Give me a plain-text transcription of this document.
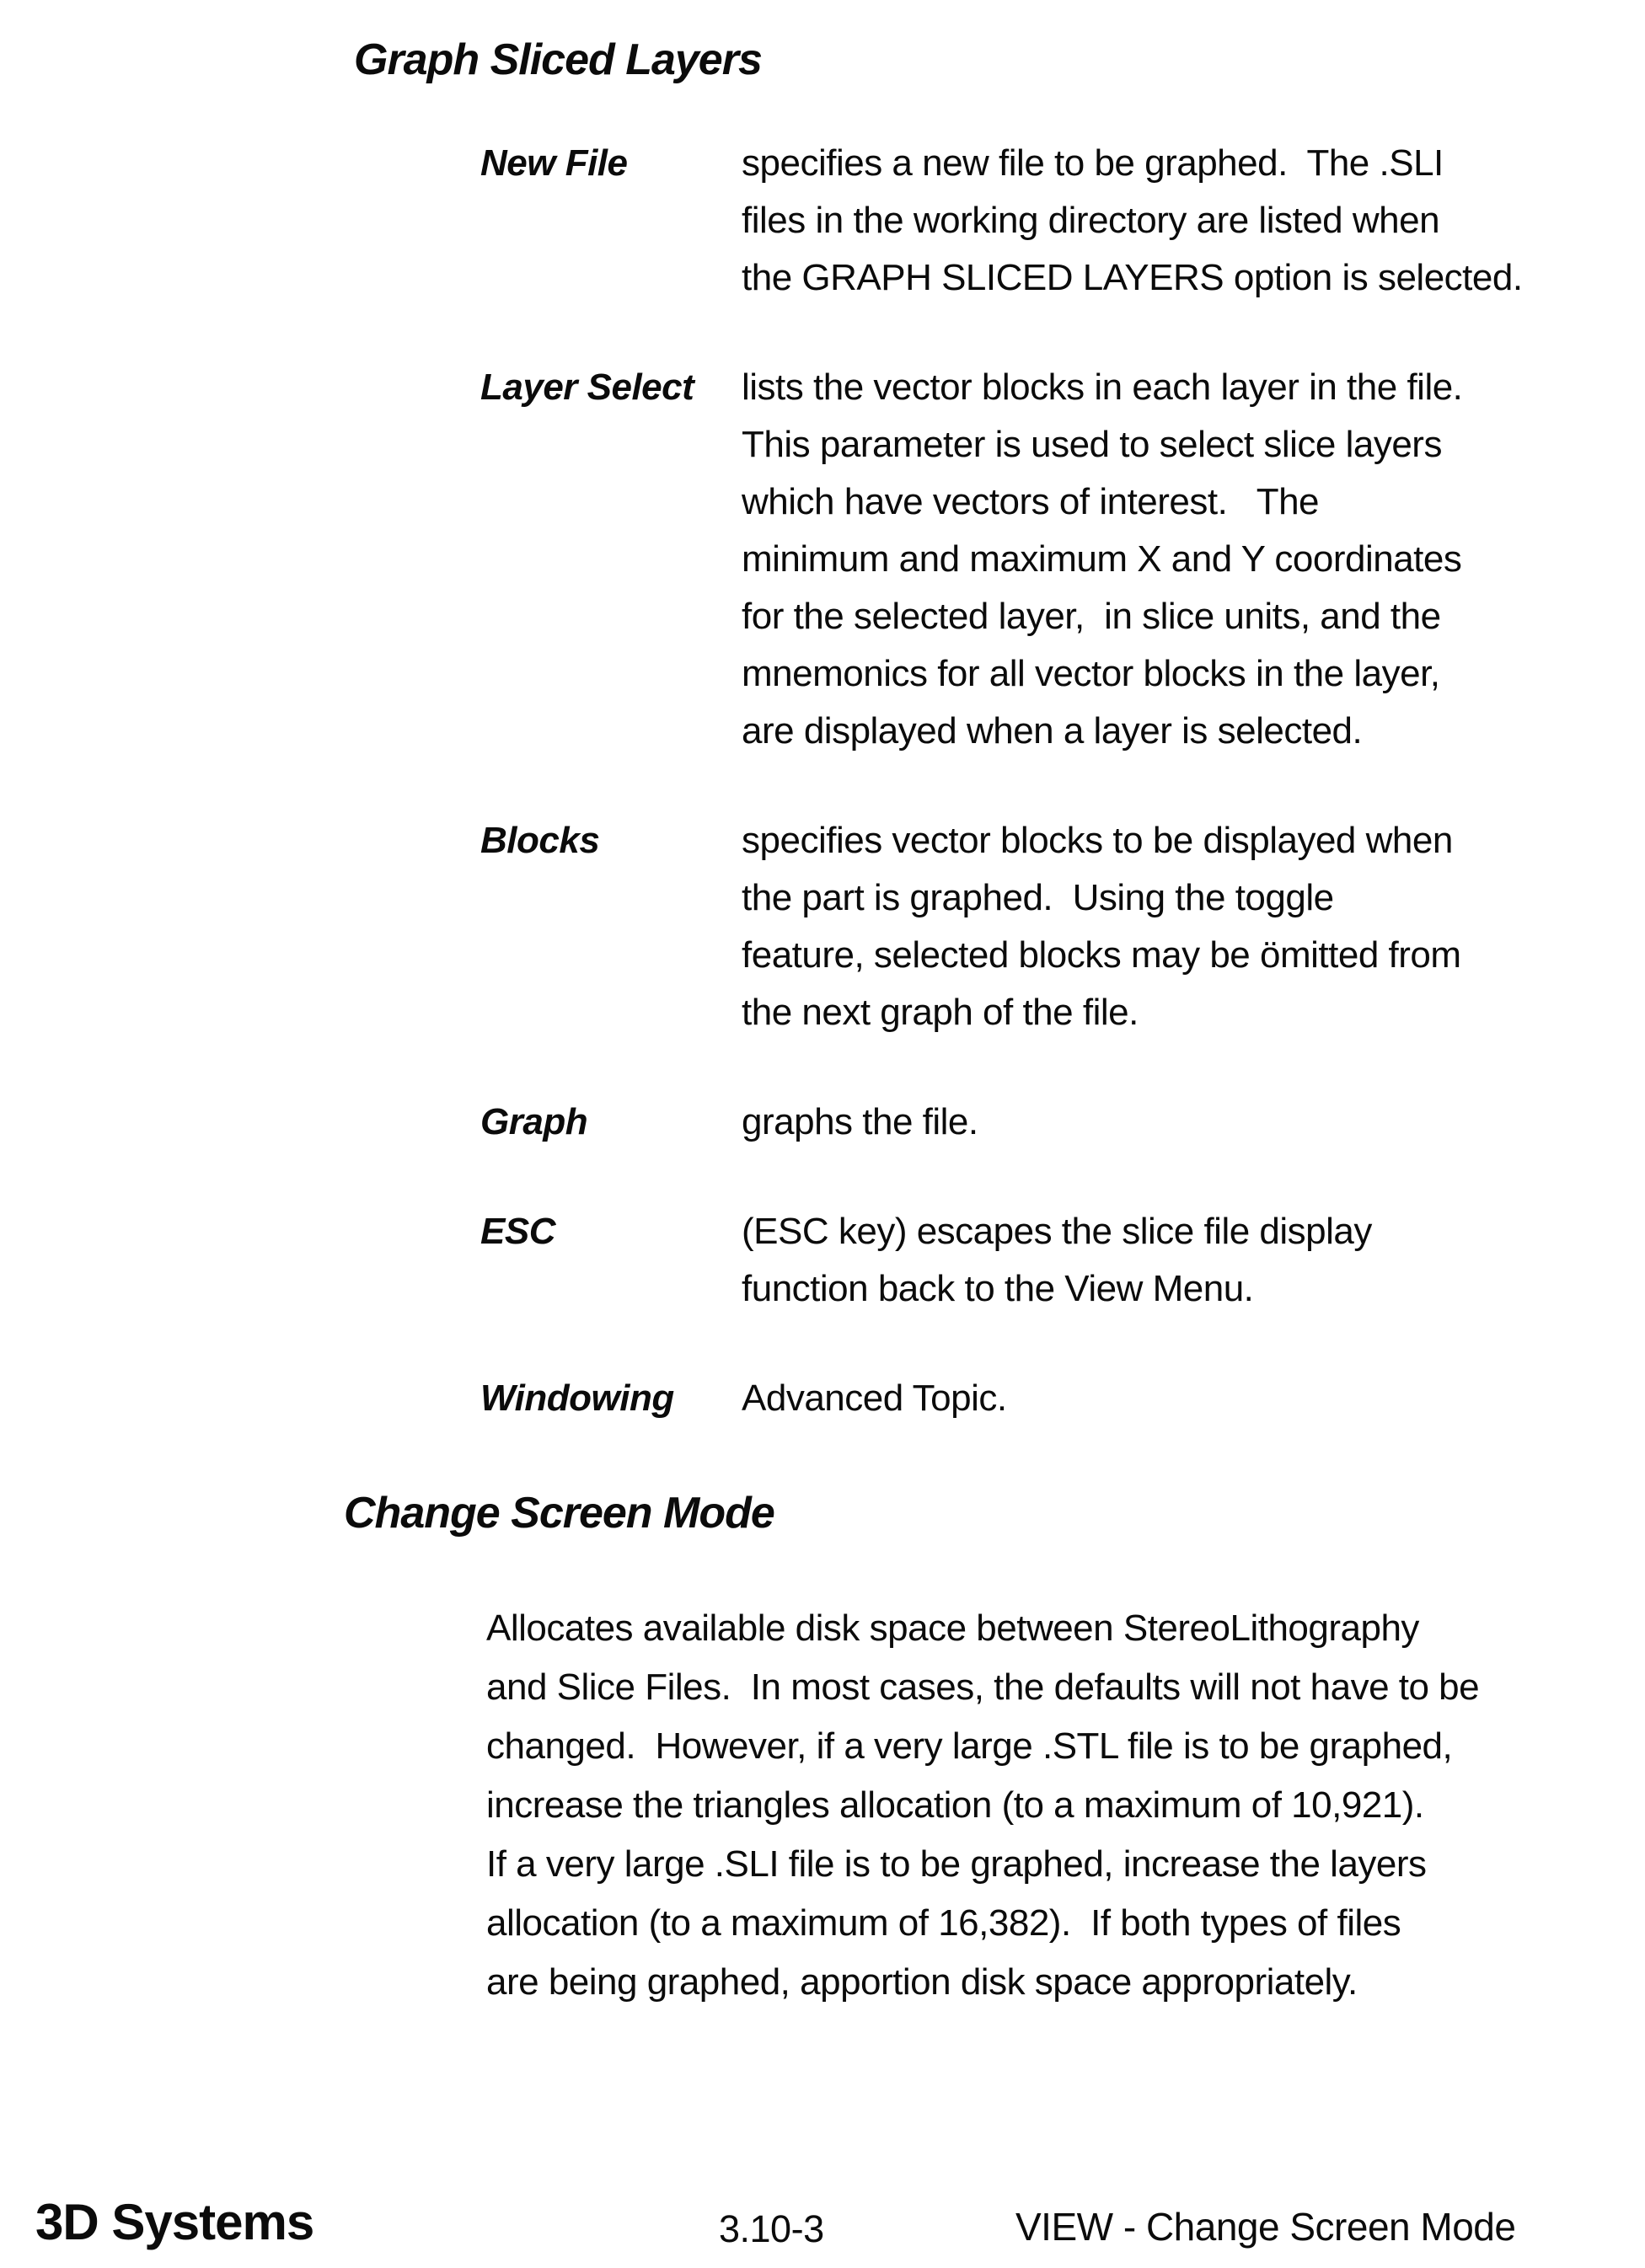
Graph Sliced Layers
New File	specifies a new file to be graphed.  The .SLI
files in the working directory are listed when
the GRAPH SLICED LAYERS option is selected.
Layer Select	lists the vector blocks in each layer in the file.
This parameter is used to select slice layers
which have vectors of interest.   The
minimum and maximum X and Y coordinates
for the selected layer,  in slice units, and the
mnemonics for all vector blocks in the layer,
are displayed when a layer is selected.
Blocks	specifies vector blocks to be displayed when
the part is graphed.  Using the toggle
feature, selected blocks may be ömitted from
the next graph of the file.
Graph	graphs the file.
ESC	(ESC key) escapes the slice file display
function back to the View Menu.
Windowing	Advanced Topic.
Change Screen Mode

Allocates available disk space between StereoLithography
and Slice Files.  In most cases, the defaults will not have to be
changed.  However, if a very large .STL file is to be graphed,
increase the triangles allocation (to a maximum of 10,921).
If a very large .SLI file is to be graphed, increase the layers
allocation (to a maximum of 16,382).  If both types of files
are being graphed, apportion disk space appropriately.

3D Systems	3.10-3	VIEW - Change Screen Mode
